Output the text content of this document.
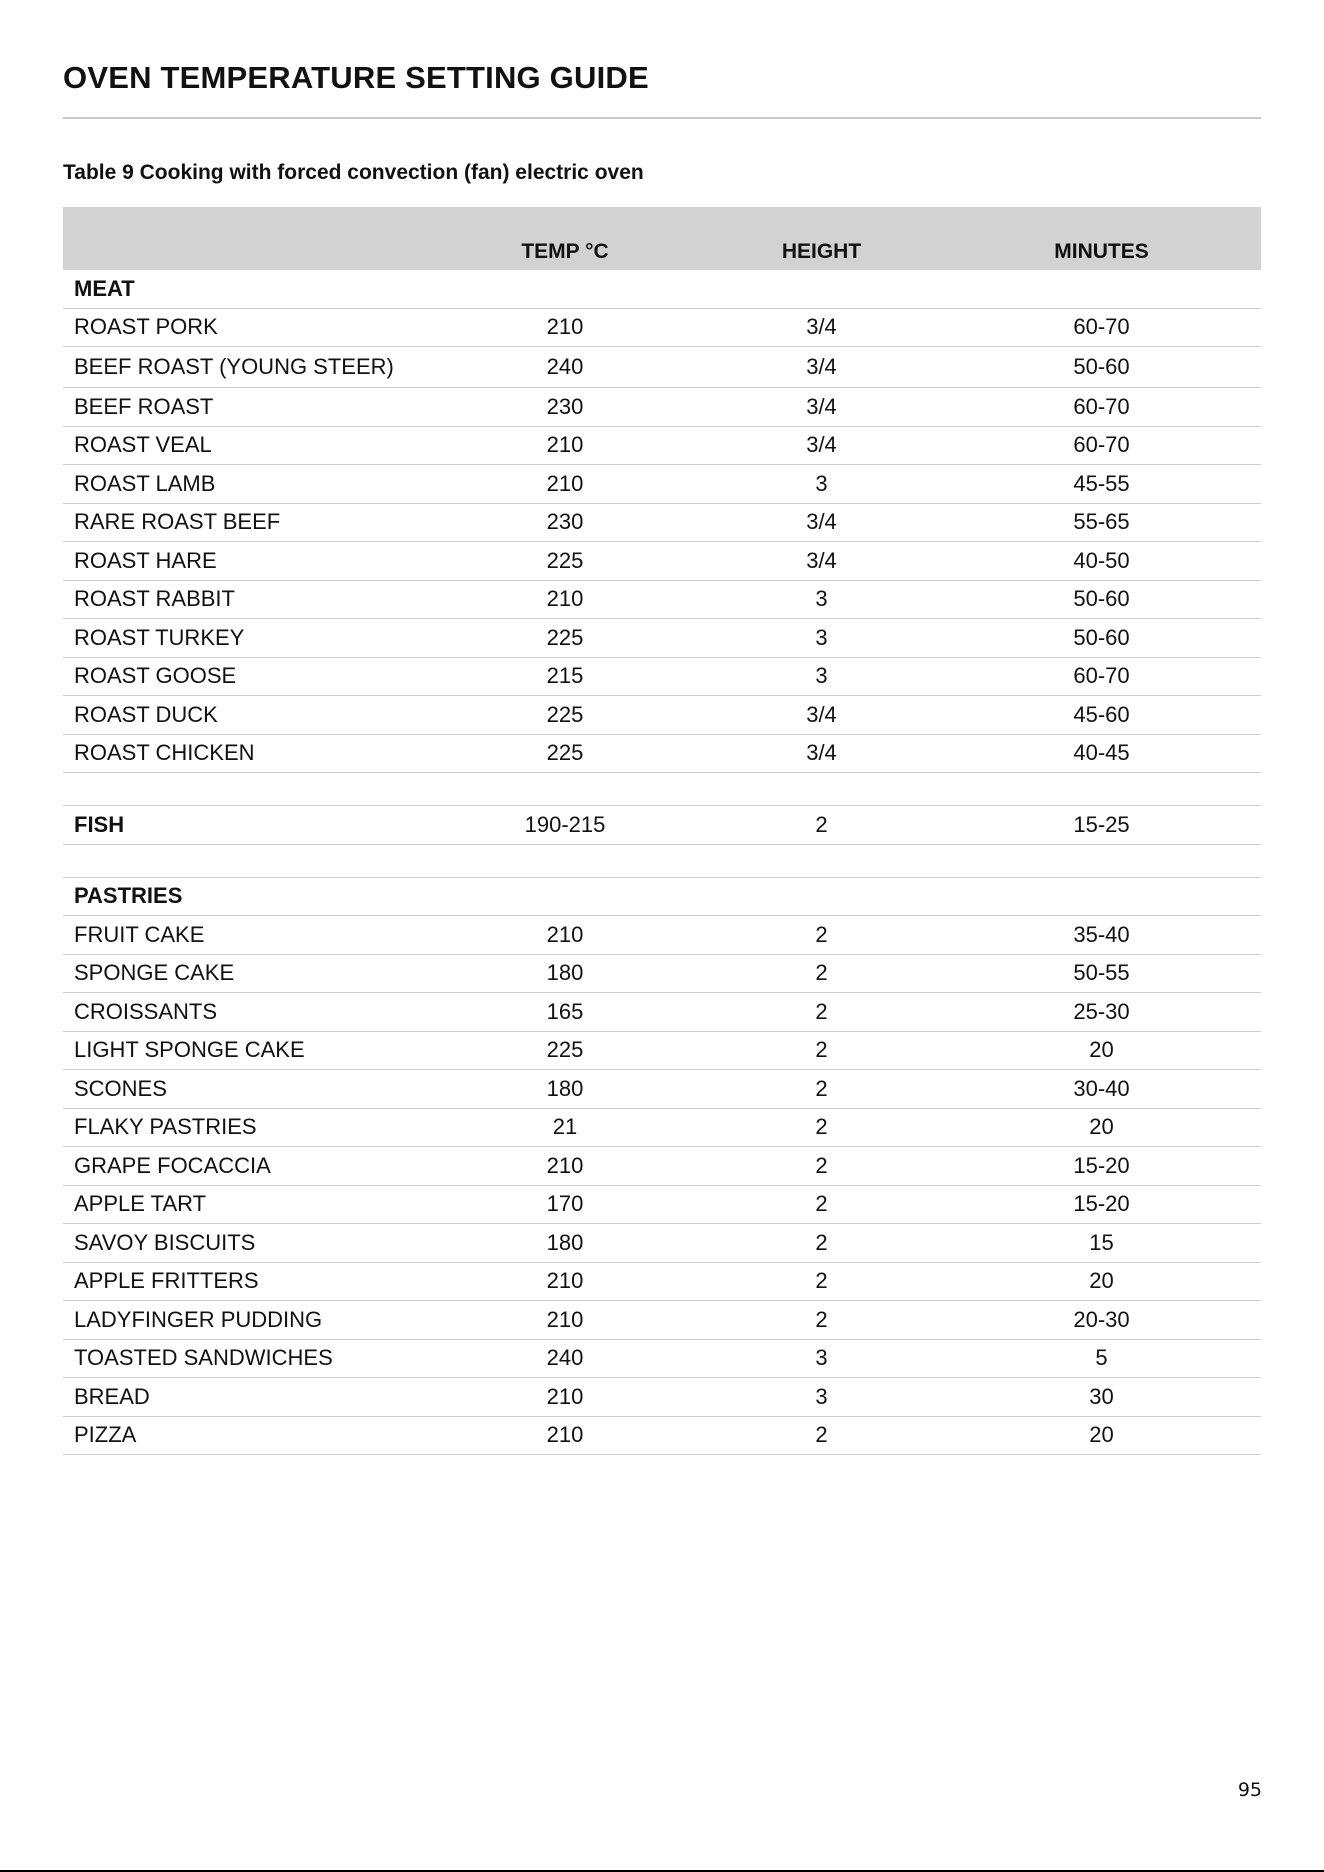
OVEN TEMPERATURE SETTING GUIDE

Table 9 Cooking with forced convection (fan) electric oven

	TEMP °C	HEIGHT	MINUTES
MEAT			
ROAST PORK	210	3/4	60-70
BEEF ROAST (YOUNG STEER)	240	3/4	50-60
BEEF ROAST	230	3/4	60-70
ROAST VEAL	210	3/4	60-70
ROAST LAMB	210	3	45-55
RARE ROAST BEEF	230	3/4	55-65
ROAST HARE	225	3/4	40-50
ROAST RABBIT	210	3	50-60
ROAST TURKEY	225	3	50-60
ROAST GOOSE	215	3	60-70
ROAST DUCK	225	3/4	45-60
ROAST CHICKEN	225	3/4	40-45

FISH	190-215	2	15-25

PASTRIES			
FRUIT CAKE	210	2	35-40
SPONGE CAKE	180	2	50-55
CROISSANTS	165	2	25-30
LIGHT SPONGE CAKE	225	2	20
SCONES	180	2	30-40
FLAKY PASTRIES	21	2	20
GRAPE FOCACCIA	210	2	15-20
APPLE TART	170	2	15-20
SAVOY BISCUITS	180	2	15
APPLE FRITTERS	210	2	20
LADYFINGER PUDDING	210	2	20-30
TOASTED SANDWICHES	240	3	5
BREAD	210	3	30
PIZZA	210	2	20
95
